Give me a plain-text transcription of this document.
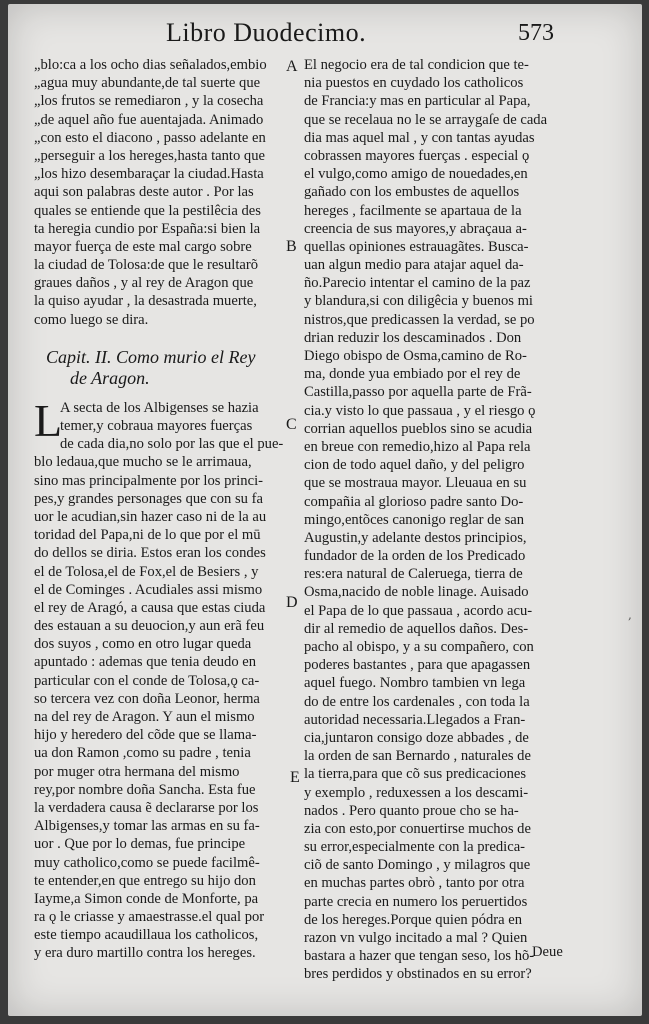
Libro Duodecimo.	573
„blo:ca a los ocho dias señalados,embio
„agua muy abundante,de tal suerte que
„los frutos se remediaron , y la cosecha
„de aquel año fue auentajada. Animado
„con esto el diacono , passo adelante en
„perseguir a los hereges,hasta tanto que
„los hizo desembaraçar la ciudad.Hasta
aqui son palabras deste autor . Por las
quales se entiende que la pestilêcia des
ta heregia cundio por España:si bien la
mayor fuerça de este mal cargo sobre
la ciudad de Tolosa:de que le resultarõ
graues daños , y al rey de Aragon que
la quiso ayudar , la desastrada muerte,
como luego se dira.
Capit. II. Como murio el Rey
de Aragon.
L
A secta de los Albigenses se hazia
temer,y cobraua mayores fuerças
de cada dia,no solo por las que el pue-
blo ledaua,que mucho se le arrimaua,
sino mas principalmente por los princi-
pes,y grandes personages que con su fa
uor le acudian,sin hazer caso ni de la au
toridad del Papa,ni de lo que por el mū
do dellos se diria. Estos eran los condes
el de Tolosa,el de Fox,el de Besiers , y
el de Cominges . Acudiales assi mismo
el rey de Aragó, a causa que estas ciuda
des estauan a su deuocion,y aun erã feu
dos suyos , como en otro lugar queda
apuntado : ademas que tenia deudo en
particular con el conde de Tolosa,ǫ ca-
so tercera vez con doña Leonor, herma
na del rey de Aragon. Y aun el mismo
hijo y heredero del cõde que se llama-
ua don Ramon ,como su padre , tenia
por muger otra hermana del mismo
rey,por nombre doña Sancha. Esta fue
la verdadera causa ẽ declararse por los
Albigenses,y tomar las armas en su fa-
uor . Que por lo demas, fue principe
muy catholico,como se puede facilmê-
te entender,en que entrego su hijo don
Iayme,a Simon conde de Monforte, pa
ra ǫ le criasse y amaestrasse.el qual por
este tiempo acaudillaua los catholicos,
y era duro martillo contra los hereges.
El negocio era de tal condicion que te-
nia puestos en cuydado los catholicos
de Francia:y mas en particular al Papa,
que se recelaua no le se arraygaſe de cada
dia mas aquel mal , y con tantas ayudas
cobrassen mayores fuerças . especial ǫ
el vulgo,como amigo de nouedades,en
gañado con los embustes de aquellos
hereges , facilmente se apartaua de la
creencia de sus mayores,y abraçaua a-
quellas opiniones estrauagãtes. Busca-
uan algun medio para atajar aquel da-
ño.Parecio intentar el camino de la paz
y blandura,si con diligêcia y buenos mi
nistros,que predicassen la verdad, se po
drian reduzir los descaminados . Don
Diego obispo de Osma,camino de Ro-
ma, donde yua embiado por el rey de
Castilla,passo por aquella parte de Frã-
cia.y visto lo que passaua , y el riesgo ǫ
corrian aquellos pueblos sino se acudia
en breue con remedio,hizo al Papa rela
cion de todo aquel daño, y del peligro
que se mostraua mayor. Lleuaua en su
compañia al glorioso padre santo Do-
mingo,entõces canonigo reglar de san
Augustin,y adelante destos principios,
fundador de la orden de los Predicado
res:era natural de Caleruega, tierra de
Osma,nacido de noble linage. Auisado
el Papa de lo que passaua , acordo acu-
dir al remedio de aquellos daños. Des-
pacho al obispo, y a su compañero, con
poderes bastantes , para que apagassen
aquel fuego. Nombro tambien vn lega
do de entre los cardenales , con toda la
autoridad necessaria.Llegados a Fran-
cia,juntaron consigo doze abbades , de
la orden de san Bernardo , naturales de
la tierra,para que cõ sus predicaciones
y exemplo , reduxessen a los descami-
nados . Pero quanto proue cho se ha-
zia con esto,por conuertirse muchos de
su error,especialmente con la predica-
ciõ de santo Domingo , y milagros que
en muchas partes obrò , tanto por otra
parte crecia en numero los peruertidos
de los hereges.Porque quien pódra en
razon vn vulgo incitado a mal ? Quien
bastara a hazer que tengan seso, los hõ-
bres perdidos y obstinados en su error?
A
B
C
D
E
Deue
,
